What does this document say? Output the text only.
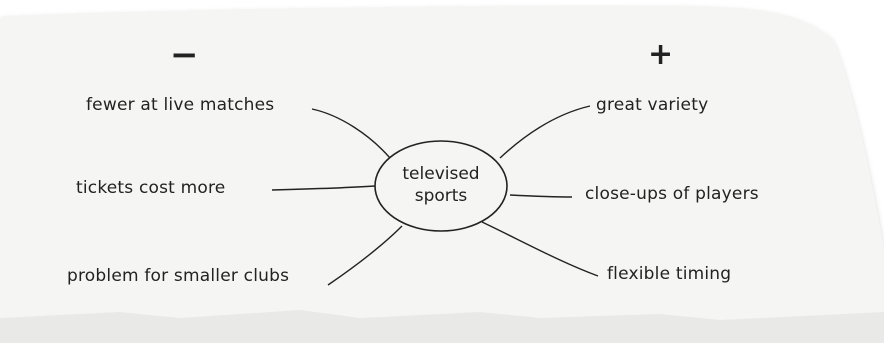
−	+
televised
sports
fewer at live matches
tickets cost more
problem for smaller clubs
great variety
close-ups of players
flexible timing
